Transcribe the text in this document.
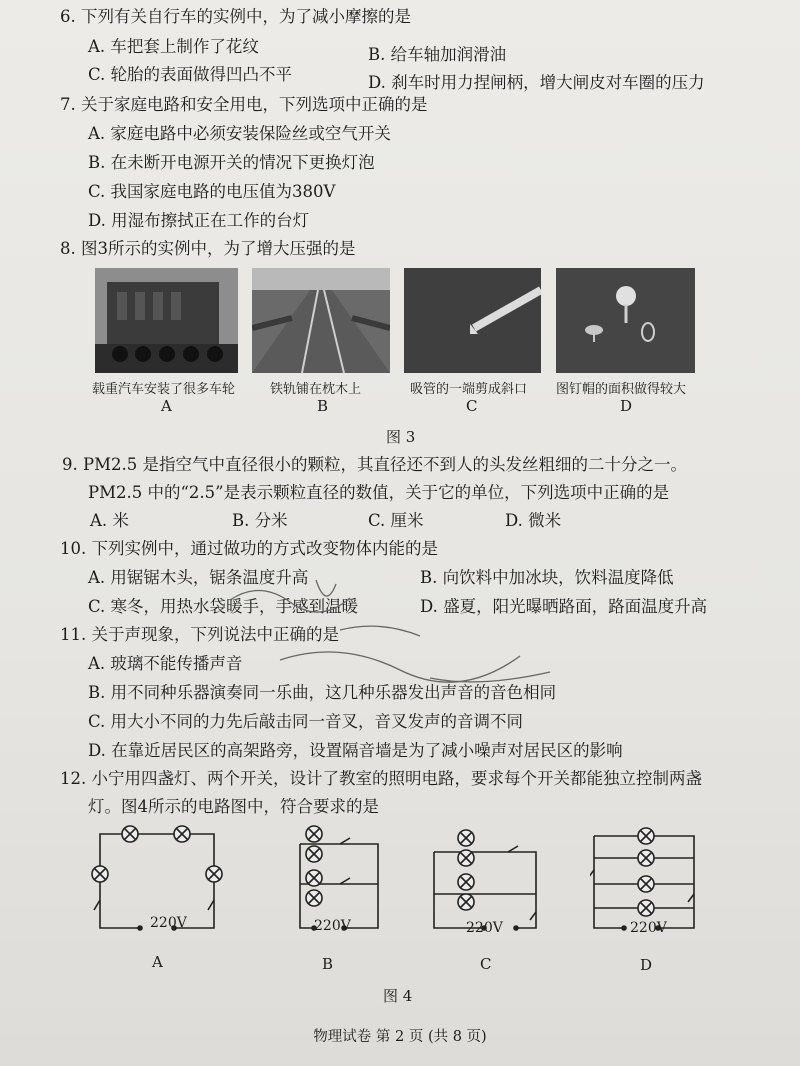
6. 下列有关自行车的实例中，为了减小摩擦的是
A. 车把套上制作了花纹	B. 给车轴加润滑油
C. 轮胎的表面做得凹凸不平	D. 刹车时用力捏闸柄，增大闸皮对车圈的压力
7. 关于家庭电路和安全用电，下列选项中正确的是
A. 家庭电路中必须安装保险丝或空气开关
B. 在未断开电源开关的情况下更换灯泡
C. 我国家庭电路的电压值为380V
D. 用湿布擦拭正在工作的台灯
8. 图3所示的实例中，为了增大压强的是
载重汽车安装了很多车轮	铁轨铺在枕木上	吸管的一端剪成斜口 图钉帽的面积做得较大
A	B	C	D
图 3
9. PM2.5 是指空气中直径很小的颗粒，其直径还不到人的头发丝粗细的二十分之一。
PM2.5 中的“2.5”是表示颗粒直径的数值，关于它的单位，下列选项中正确的是
A. 米	B. 分米	C. 厘米	D. 微米
10. 下列实例中，通过做功的方式改变物体内能的是
A. 用锯锯木头，锯条温度升高	B. 向饮料中加冰块，饮料温度降低
C. 寒冬，用热水袋暖手，手感到温暖	D. 盛夏，阳光曝晒路面，路面温度升高
11. 关于声现象，下列说法中正确的是
A. 玻璃不能传播声音
B. 用不同种乐器演奏同一乐曲，这几种乐器发出声音的音色相同
C. 用大小不同的力先后敲击同一音叉，音叉发声的音调不同
D. 在靠近居民区的高架路旁，设置隔音墙是为了减小噪声对居民区的影响
12. 小宁用四盏灯、两个开关，设计了教室的照明电路，要求每个开关都能独立控制两盏
灯。图4所示的电路图中，符合要求的是
220V	220V	220V	220V
A	B	C	D
图 4
物理试卷 第 2 页 (共 8 页)
